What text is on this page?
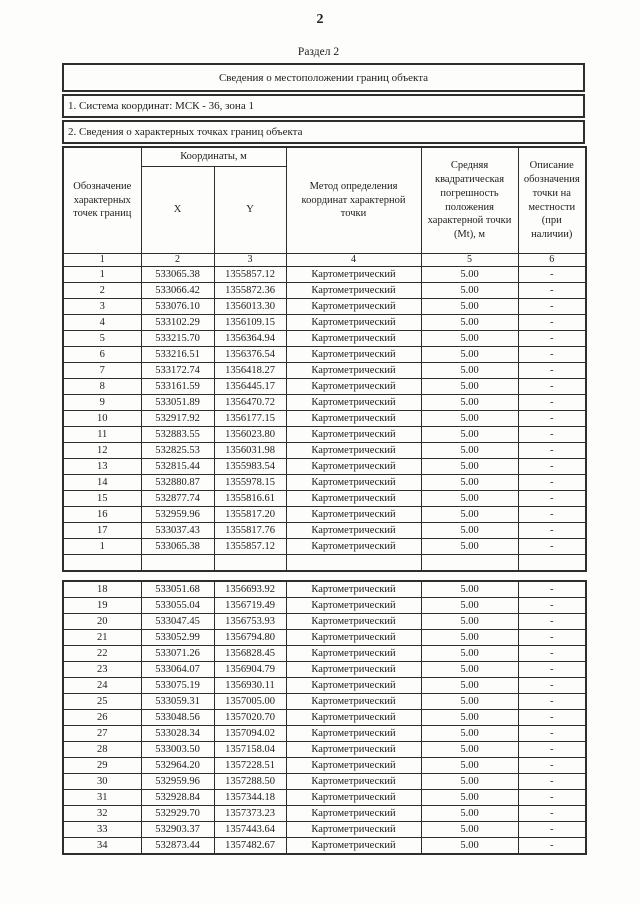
2
Раздел 2
Сведения о местоположении границ объекта
1. Система координат: МСК - 36, зона 1
2. Сведения о характерных точках границ объекта
Обозначение характерных точек границ	Координаты, м		Метод определения координат характерной точки	Средняя квадратическая погрешность положения характерной точки (Mt), м	Описание обозначения точки на местности (при наличии)
	X	Y			
1	2	3	4	5	6
1	533065.38	1355857.12	Картометрический	5.00	-
2	533066.42	1355872.36	Картометрический	5.00	-
3	533076.10	1356013.30	Картометрический	5.00	-
4	533102.29	1356109.15	Картометрический	5.00	-
5	533215.70	1356364.94	Картометрический	5.00	-
6	533216.51	1356376.54	Картометрический	5.00	-
7	533172.74	1356418.27	Картометрический	5.00	-
8	533161.59	1356445.17	Картометрический	5.00	-
9	533051.89	1356470.72	Картометрический	5.00	-
10	532917.92	1356177.15	Картометрический	5.00	-
11	532883.55	1356023.80	Картометрический	5.00	-
12	532825.53	1356031.98	Картометрический	5.00	-
13	532815.44	1355983.54	Картометрический	5.00	-
14	532880.87	1355978.15	Картометрический	5.00	-
15	532877.74	1355816.61	Картометрический	5.00	-
16	532959.96	1355817.20	Картометрический	5.00	-
17	533037.43	1355817.76	Картометрический	5.00	-
1	533065.38	1355857.12	Картометрический	5.00	-

18	533051.68	1356693.92	Картометрический	5.00	-
19	533055.04	1356719.49	Картометрический	5.00	-
20	533047.45	1356753.93	Картометрический	5.00	-
21	533052.99	1356794.80	Картометрический	5.00	-
22	533071.26	1356828.45	Картометрический	5.00	-
23	533064.07	1356904.79	Картометрический	5.00	-
24	533075.19	1356930.11	Картометрический	5.00	-
25	533059.31	1357005.00	Картометрический	5.00	-
26	533048.56	1357020.70	Картометрический	5.00	-
27	533028.34	1357094.02	Картометрический	5.00	-
28	533003.50	1357158.04	Картометрический	5.00	-
29	532964.20	1357228.51	Картометрический	5.00	-
30	532959.96	1357288.50	Картометрический	5.00	-
31	532928.84	1357344.18	Картометрический	5.00	-
32	532929.70	1357373.23	Картометрический	5.00	-
33	532903.37	1357443.64	Картометрический	5.00	-
34	532873.44	1357482.67	Картометрический	5.00	-
